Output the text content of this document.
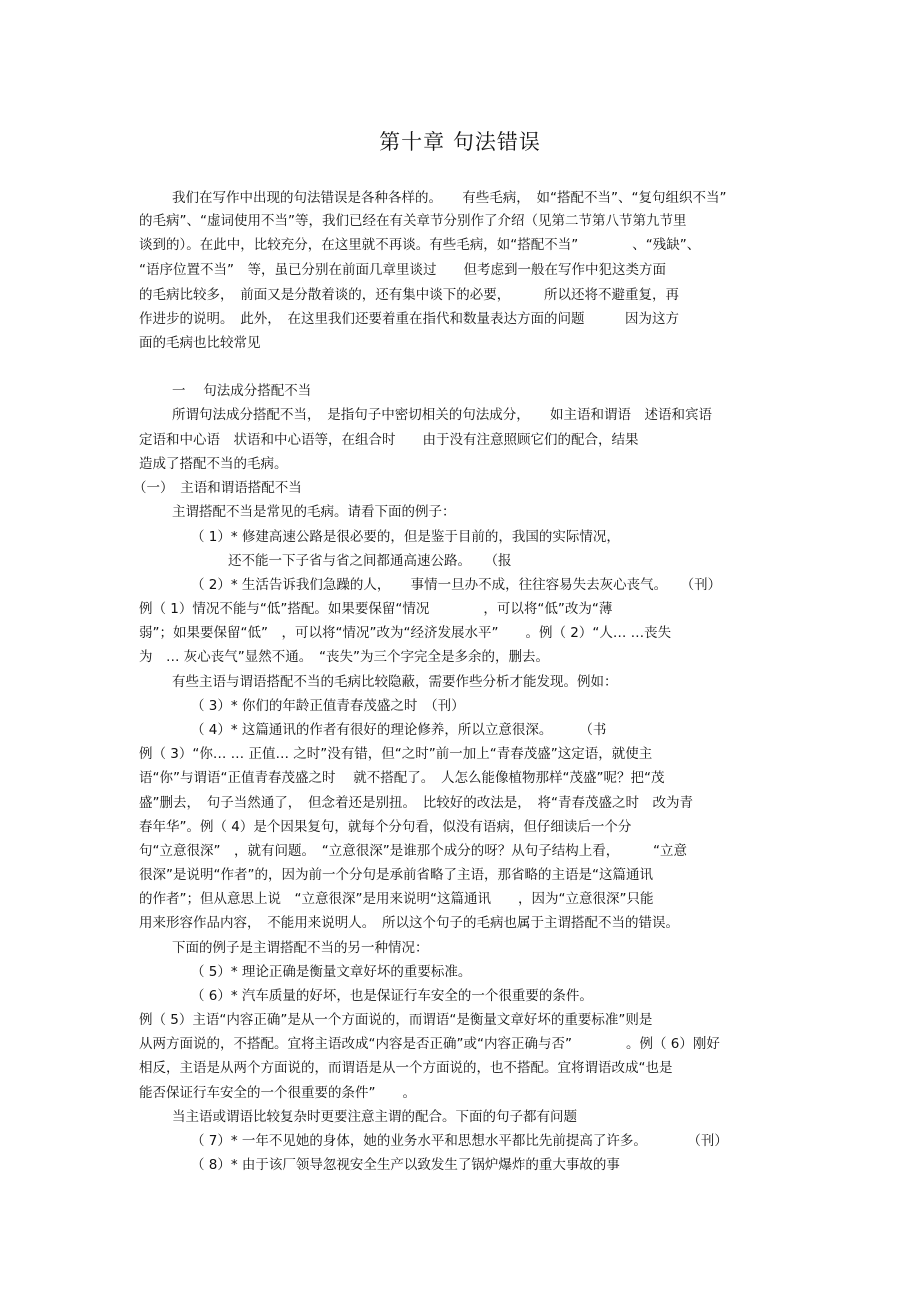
第十章 句法错误
我们在写作中出现的句法错误是各种各样的。　　有些毛病，　如“搭配不当”、“复句组织不当”
的毛病”、“虚词使用不当”等，我们已经在有关章节分别作了介绍（见第二节第八节第九节里
谈到的）。在此中，比较充分，在这里就不再谈。有些毛病，如“搭配不当”　　　　、“残缺”、
“语序位置不当”　等，虽已分别在前面几章里谈过　　但考虑到一般在写作中犯这类方面
的毛病比较多，　前面又是分散着谈的，还有集中谈下的必要，　　　所以还将不避重复，再
作进步的说明。　此外，　在这里我们还要着重在指代和数量表达方面的问题　　　因为这方
面的毛病也比较常见
一　 句法成分搭配不当
所谓句法成分搭配不当，　是指句子中密切相关的句法成分，　　如主语和谓语　述语和宾语
定语和中心语　状语和中心语等，在组合时　　由于没有注意照顾它们的配合，结果
造成了搭配不当的毛病。
（一）　主语和谓语搭配不当
主谓搭配不当是常见的毛病。请看下面的例子：
（ 1）* 修建高速公路是很必要的，但是鉴于目前的，我国的实际情况，
还不能一下子省与省之间都通高速公路。　　（报
（ 2）* 生活告诉我们急躁的人，　　事情一旦办不成，往往容易失去灰心丧气。　　（刊）
例（ 1）情况不能与“低”搭配。如果要保留“情况　　　　，可以将“低”改为“薄
弱”；如果要保留“低”　，可以将“情况”改为“经济发展水平”　　。例（ 2）“人… …丧失
为　… 灰心丧气”显然不通。　“丧失”为三个字完全是多余的，删去。
有些主语与谓语搭配不当的毛病比较隐蔽，需要作些分析才能发现。例如：
（ 3）* 你们的年龄正值青春茂盛之时　（刊）
（ 4）* 这篇通讯的作者有很好的理论修养，所以立意很深。　　　（书
例（ 3）“你… … 正值… 之时”没有错，但“之时”前一加上“青春茂盛”这定语，就使主
语“你”与谓语“正值青春茂盛之时　 就不搭配了。　人怎么能像植物那样“茂盛”呢？把“茂
盛”删去，　句子当然通了，　但念着还是别扭。　比较好的改法是，　将“青春茂盛之时　改为青
春年华”。例（ 4）是个因果复句，就每个分句看，似没有语病，但仔细读后一个分
句“立意很深”　，就有问题。　“立意很深”是谁那个成分的呀？从句子结构上看，　　　“立意
很深”是说明“作者”的，因为前一个分句是承前省略了主语，那省略的主语是“这篇通讯
的作者”；但从意思上说　“立意很深”是用来说明“这篇通讯　　，因为“立意很深”只能
用来形容作品内容，　不能用来说明人。　所以这个句子的毛病也属于主谓搭配不当的错误。
下面的例子是主谓搭配不当的另一种情况：
（ 5）* 理论正确是衡量文章好坏的重要标准。
（ 6）* 汽车质量的好坏，也是保证行车安全的一个很重要的条件。
例（ 5）主语“内容正确”是从一个方面说的，而谓语“是衡量文章好坏的重要标准”则是
从两方面说的，不搭配。宜将主语改成“内容是否正确”或“内容正确与否”　　　　。例（ 6）刚好
相反，主语是从两个方面说的，而谓语是从一个方面说的，也不搭配。宜将谓语改成“也是
能否保证行车安全的一个很重要的条件”　　。
当主语或谓语比较复杂时更要注意主谓的配合。下面的句子都有问题
（ 7）* 一年不见她的身体，她的业务水平和思想水平都比先前提高了许多。　　　　（刊）
（ 8）* 由于该厂领导忽视安全生产以致发生了锅炉爆炸的重大事故的事
